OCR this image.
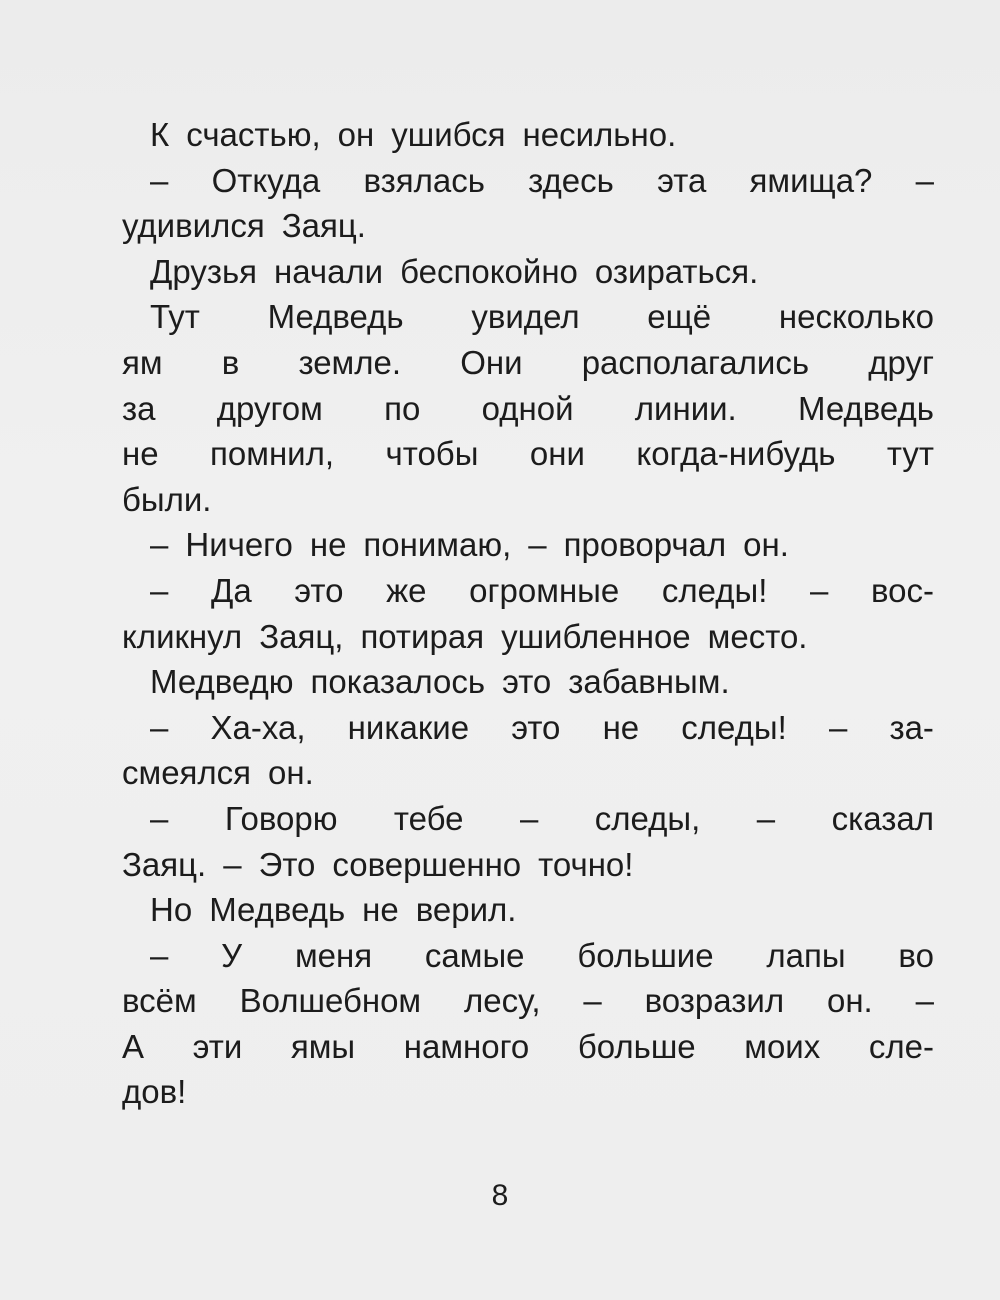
К счастью, он ушибся несильно.
– Откуда взялась здесь эта ямища? –
удивился Заяц.
Друзья начали беспокойно озираться.
Тут Медведь увидел ещё несколько
ям в земле. Они располагались друг
за другом по одной линии. Медведь
не помнил, чтобы они когда-нибудь тут
были.
– Ничего не понимаю, – проворчал он.
– Да это же огромные следы! – вос-
кликнул Заяц, потирая ушибленное место.
Медведю показалось это забавным.
– Ха-ха, никакие это не следы! – за-
смеялся он.
– Говорю тебе – следы, – сказал
Заяц. – Это совершенно точно!
Но Медведь не верил.
– У меня самые большие лапы во
всём Волшебном лесу, – возразил он. –
А эти ямы намного больше моих сле-
дов!
8
